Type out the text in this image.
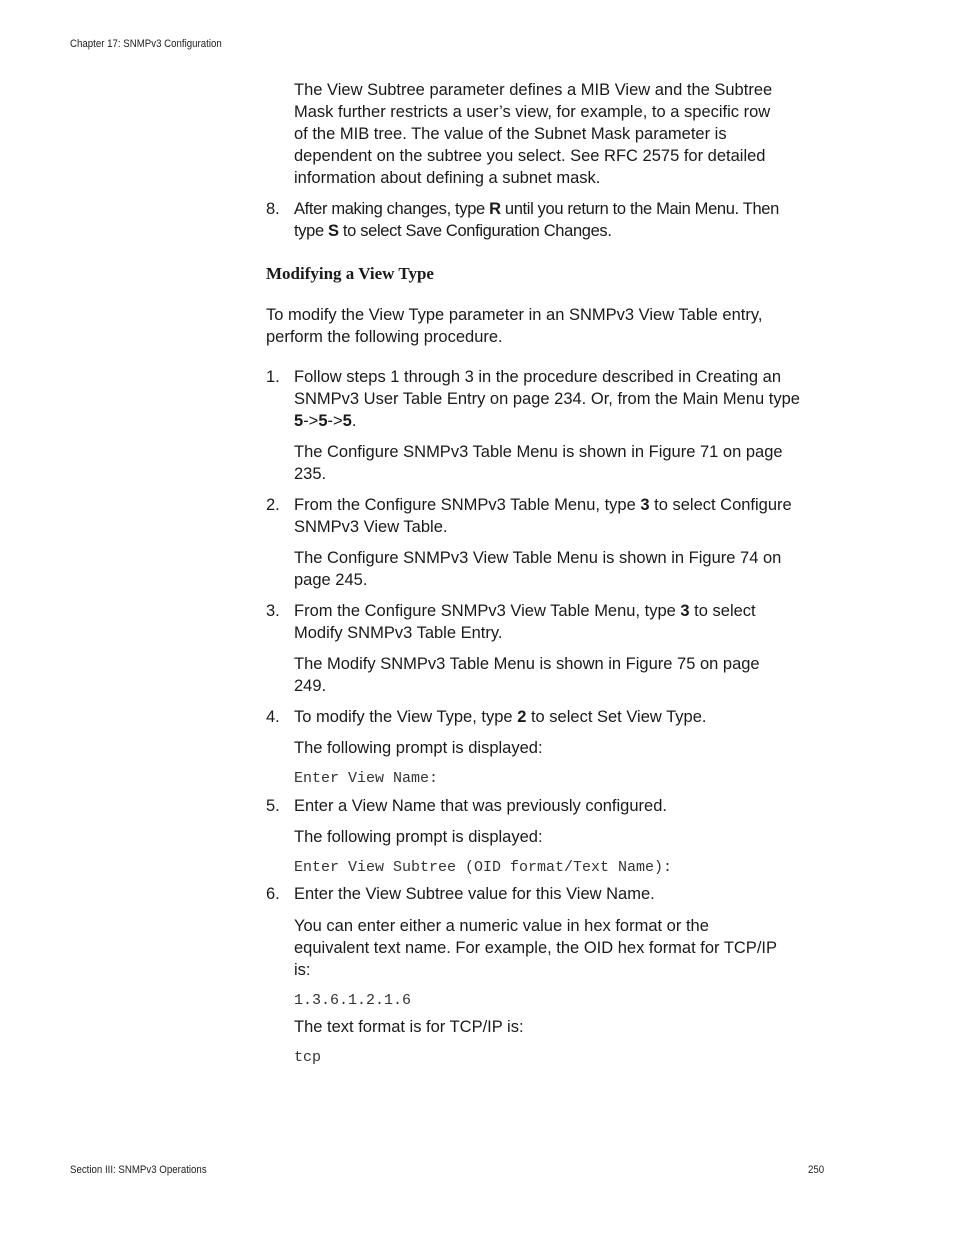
Chapter 17: SNMPv3 Configuration
The View Subtree parameter defines a MIB View and the Subtree
Mask further restricts a user’s view, for example, to a specific row
of the MIB tree. The value of the Subnet Mask parameter is
dependent on the subtree you select. See RFC 2575 for detailed
information about defining a subnet mask.
8. After making changes, type R until you return to the Main Menu. Then
type S to select Save Configuration Changes.
Modifying a View Type
To modify the View Type parameter in an SNMPv3 View Table entry,
perform the following procedure.
1. Follow steps 1 through 3 in the procedure described in Creating an
SNMPv3 User Table Entry on page 234. Or, from the Main Menu type
5->5->5.
The Configure SNMPv3 Table Menu is shown in Figure 71 on page
235.
2. From the Configure SNMPv3 Table Menu, type 3 to select Configure
SNMPv3 View Table.
The Configure SNMPv3 View Table Menu is shown in Figure 74 on
page 245.
3. From the Configure SNMPv3 View Table Menu, type 3 to select
Modify SNMPv3 Table Entry.
The Modify SNMPv3 Table Menu is shown in Figure 75 on page
249.
4. To modify the View Type, type 2 to select Set View Type.
The following prompt is displayed:
Enter View Name:
5. Enter a View Name that was previously configured.
The following prompt is displayed:
Enter View Subtree (OID format/Text Name):
6. Enter the View Subtree value for this View Name.
You can enter either a numeric value in hex format or the
equivalent text name. For example, the OID hex format for TCP/IP
is:
1.3.6.1.2.1.6
The text format is for TCP/IP is:
tcp
Section III: SNMPv3 Operations	250
